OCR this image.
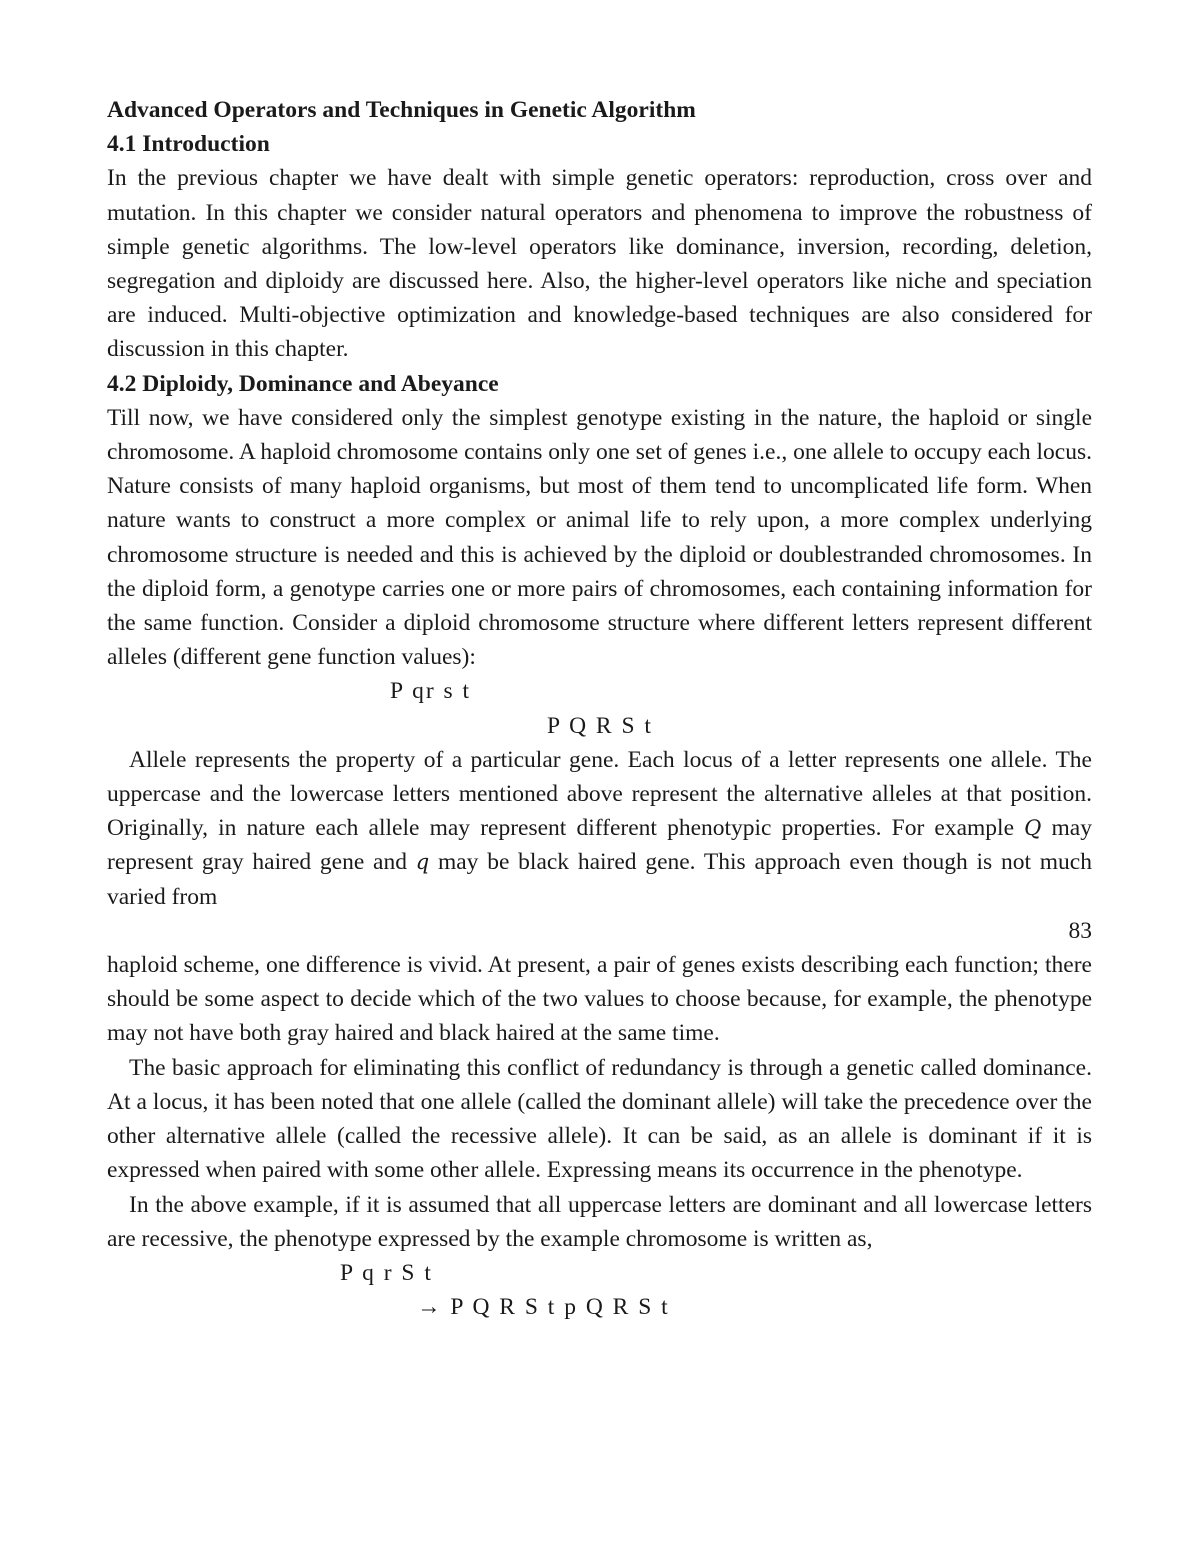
Advanced Operators and Techniques in Genetic Algorithm

4.1 Introduction

In the previous chapter we have dealt with simple genetic operators: reproduction, cross over and mutation. In this chapter we consider natural operators and phenomena to improve the robustness of simple genetic algorithms. The low-level operators like dominance, inversion, recording, deletion, segregation and diploidy are discussed here. Also, the higher-level operators like niche and speciation are induced. Multi-objective optimization and knowledge-based techniques are also considered for discussion in this chapter.

4.2 Diploidy, Dominance and Abeyance

Till now, we have considered only the simplest genotype existing in the nature, the haploid or single chromosome. A haploid chromosome contains only one set of genes i.e., one allele to occupy each locus. Nature consists of many haploid organisms, but most of them tend to uncomplicated life form. When nature wants to construct a more complex or animal life to rely upon, a more complex underlying chromosome structure is needed and this is achieved by the diploid or doublestranded chromosomes. In the diploid form, a genotype carries one or more pairs of chromosomes, each containing information for the same function. Consider a diploid chromosome structure where different letters represent different alleles (different gene function values):

P qr s t

P Q R S t

Allele represents the property of a particular gene. Each locus of a letter represents one allele. The uppercase and the lowercase letters mentioned above represent the alternative alleles at that position. Originally, in nature each allele may represent different phenotypic properties. For example Q may represent gray haired gene and q may be black haired gene. This approach even though is not much varied from

83

haploid scheme, one difference is vivid. At present, a pair of genes exists describing each function; there should be some aspect to decide which of the two values to choose because, for example, the phenotype may not have both gray haired and black haired at the same time.

The basic approach for eliminating this conflict of redundancy is through a genetic called dominance. At a locus, it has been noted that one allele (called the dominant allele) will take the precedence over the other alternative allele (called the recessive allele). It can be said, as an allele is dominant if it is expressed when paired with some other allele. Expressing means its occurrence in the phenotype.

In the above example, if it is assumed that all uppercase letters are dominant and all lowercase letters are recessive, the phenotype expressed by the example chromosome is written as,

P q r S t

→ P Q R S t p Q R S t
